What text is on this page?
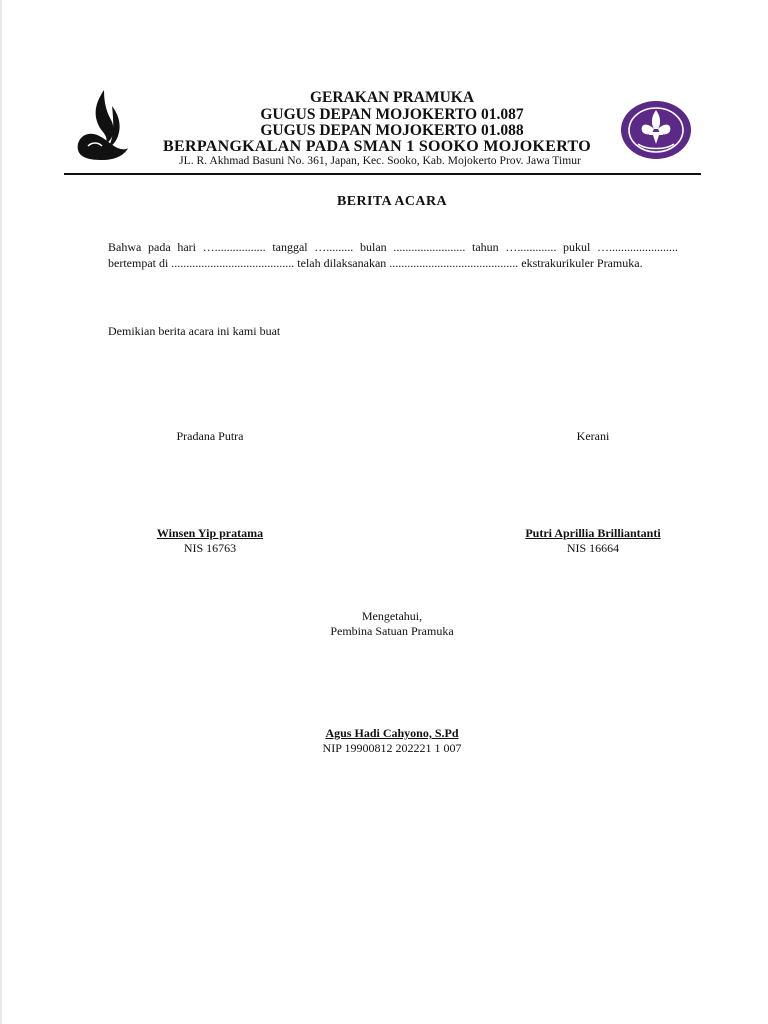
GERAKAN PRAMUKA
GUGUS DEPAN MOJOKERTO 01.087
GUGUS DEPAN MOJOKERTO 01.088
BERPANGKALAN PADA SMAN 1 SOOKO MOJOKERTO
JL. R. Akhmad Basuni No. 361, Japan, Kec. Sooko, Kab. Mojokerto Prov. Jawa Timur
BERITA ACARA
Bahwa pada hari …................. tanggal …......... bulan ........................ tahun …............. pukul …....................... bertempat di ......................................... telah dilaksanakan ........................................... ekstrakurikuler Pramuka.
Demikian berita acara ini kami buat
Pradana Putra	Kerani
Winsen Yip pratama
NIS 16763
Putri Aprillia Brilliantanti
NIS 16664
Mengetahui,
Pembina Satuan Pramuka
Agus Hadi Cahyono, S.Pd
NIP 19900812 202221 1 007
